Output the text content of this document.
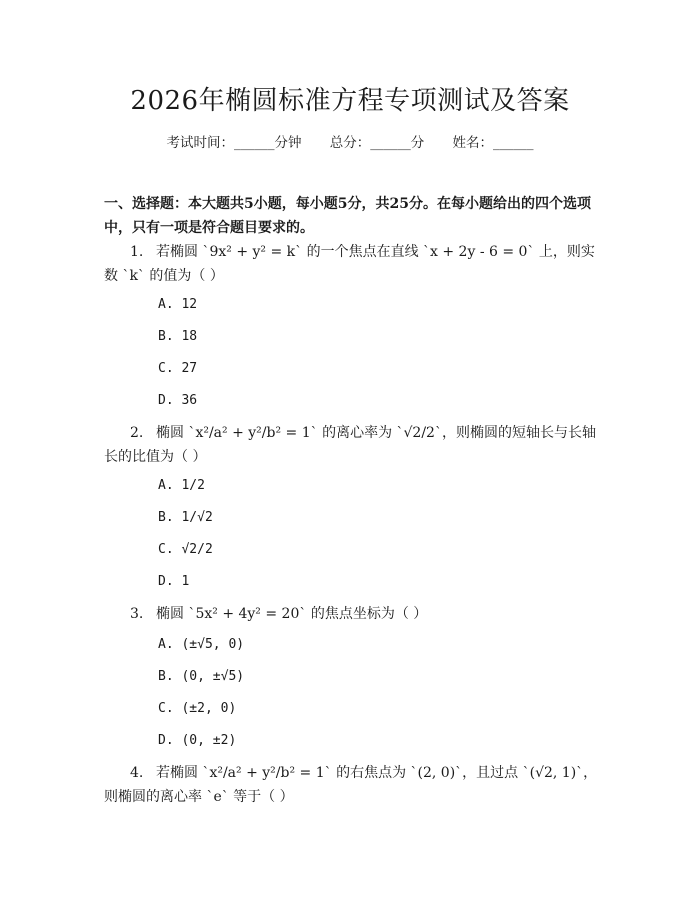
2026年椭圆标准方程专项测试及答案
考试时间：______分钟 总分：______分 姓名：______
一、选择题：本大题共5小题，每小题5分，共25分。在每小题给出的四个选项中，只有一项是符合题目要求的。
1. 若椭圆 `9x² + y² = k` 的一个焦点在直线 `x + 2y - 6 = 0` 上，则实数 `k` 的值为（ ）
A. 12
B. 18
C. 27
D. 36
2. 椭圆 `x²/a² + y²/b² = 1` 的离心率为 `√2/2`，则椭圆的短轴长与长轴长的比值为（ ）
A. 1/2
B. 1/√2
C. √2/2
D. 1
3. 椭圆 `5x² + 4y² = 20` 的焦点坐标为（ ）
A. (±√5, 0)
B. (0, ±√5)
C. (±2, 0)
D. (0, ±2)
4. 若椭圆 `x²/a² + y²/b² = 1` 的右焦点为 `(2, 0)`，且过点 `(√2, 1)`，则椭圆的离心率 `e` 等于（ ）
